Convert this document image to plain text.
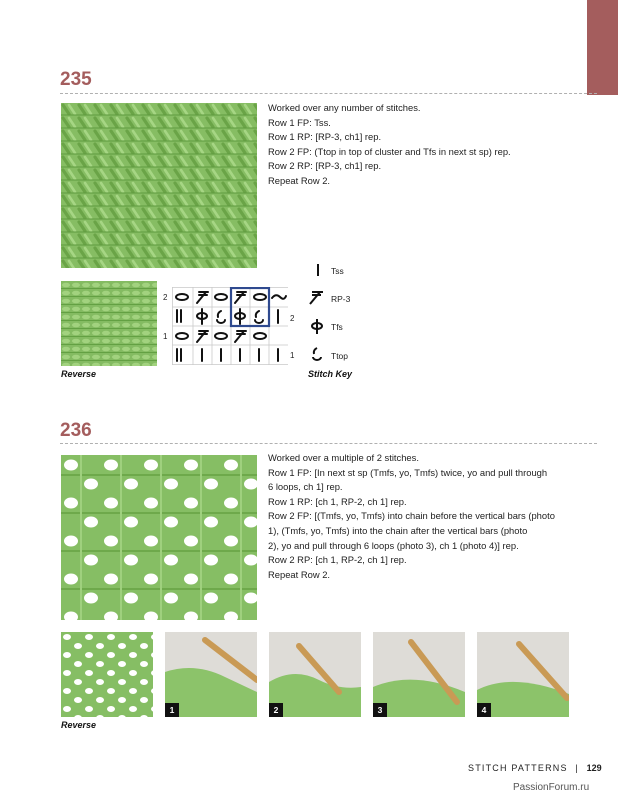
235

Worked over any number of stitches.

Row 1 FP: Tss.

Row 1 RP: [RP-3, ch1] rep.

Row 2 FP: (Ttop in top of cluster and Tfs in next st sp) rep.

Row 2 RP: [RP-3, ch1] rep.

Repeat Row 2.

Reverse
2
1
2
1
Tss
RP-3
Tfs
Ttop
Stitch Key
236

Worked over a multiple of 2 stitches.

Row 1 FP: [In next st sp (Tmfs, yo, Tmfs) twice, yo and pull through

6 loops, ch 1] rep.

Row 1 RP: [ch 1, RP-2, ch 1] rep.

Row 2 FP: [(Tmfs, yo, Tmfs) into chain before the vertical bars (photo

1), (Tmfs, yo, Tmfs) into the chain after the vertical bars (photo

2), yo and pull through 6 loops (photo 3), ch 1 (photo 4)] rep.

Row 2 RP: [ch 1, RP-2, ch 1] rep.

Repeat Row 2.

Reverse
1	2	3	4
STITCH PATTERNS | 129
PassionForum.ru
